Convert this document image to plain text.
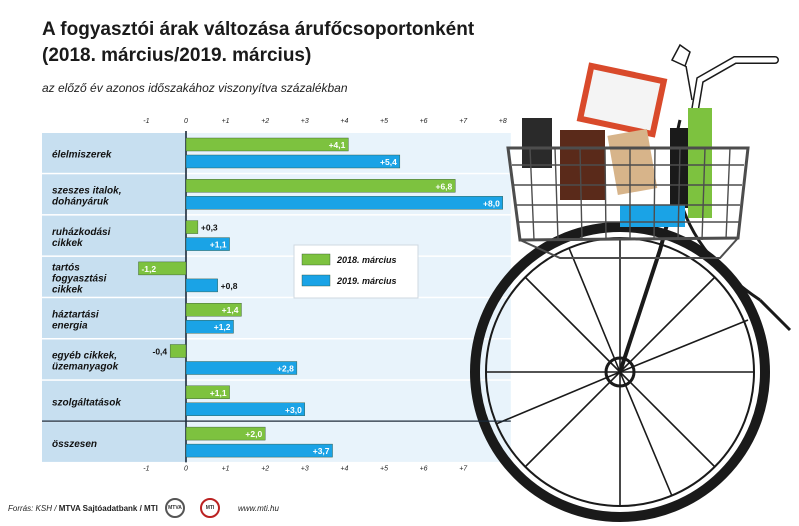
A fogyasztói árak változása árufőcsoportonként
(2018. március/2019. március)
az előző év azonos időszakához viszonyítva százalékban
2018. március
2019. március
-1	0	+1	+2	+3	+4	+5	+6	+7	+8
-1	0	+1	+2	+3	+4	+5	+6	+7
élelmiszerek
szeszes italok,
dohányáruk
ruházkodási
cikkek
tartós
fogyasztási
cikkek
háztartási
energia
egyéb cikkek,
üzemanyagok
szolgáltatások
összesen
+4,1
+6,8
+0,3
-1,2
+1,4
-0,4
+1,1
+2,0
+5,4
+8,0
+1,1
+0,8
+1,2
+2,8
+3,0
+3,7
Forrás: KSH / MTVA Sajtóadatbank / MTI	www.mti.hu
MTVA	MTI
